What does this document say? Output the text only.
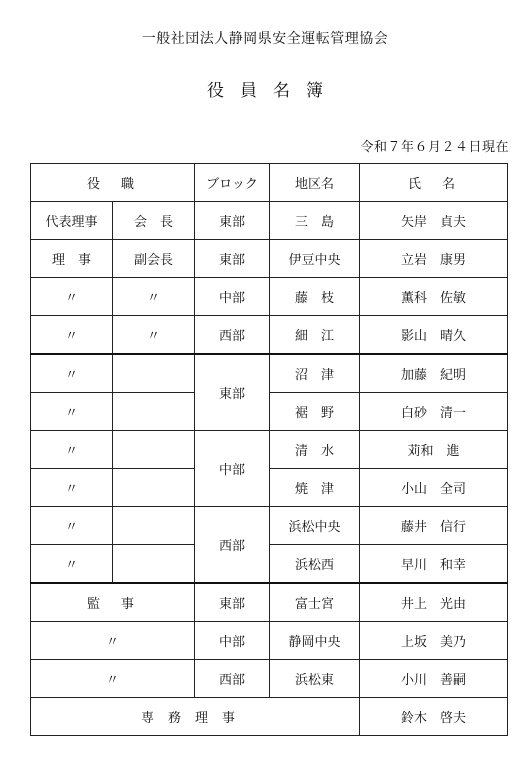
一般社団法人静岡県安全運転管理協会
役員名簿
令和７年６月２４日現在
役　職		ブロック	地区名	氏　名
代表理事	会　長	東部	三　島	矢岸　貞夫
理　事	副会長	東部	伊豆中央	立岩　康男
〃	〃	中部	藤　枝	薫科　佐敏
〃	〃	西部	細　江	影山　晴久
〃		東部	沼　津	加藤　紀明
〃			裾　野	白砂　清一
〃		中部	清　水	苅和　進
〃			焼　津	小山　全司
〃		西部	浜松中央	藤井　信行
〃			浜松西	早川　和幸
監　事		東部	富士宮	井上　光由
〃		中部	静岡中央	上坂　美乃
〃		西部	浜松東	小川　善嗣
専務理事				鈴木　啓夫
